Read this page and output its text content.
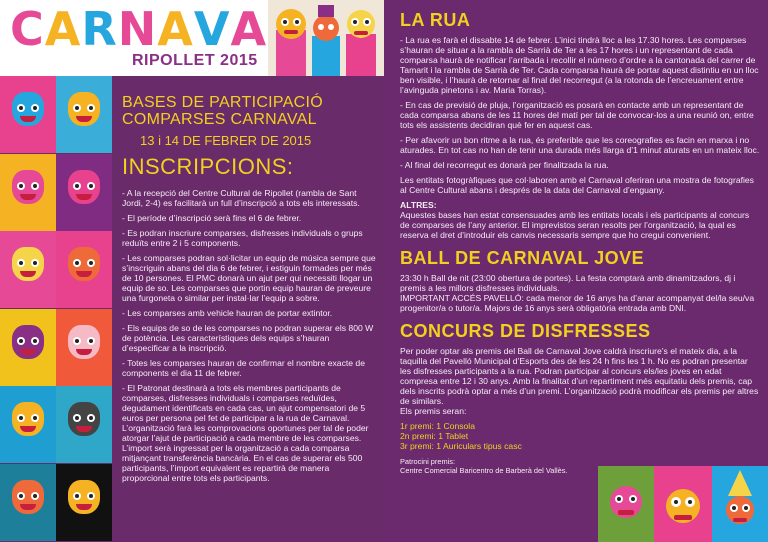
CARNAVA
RIPOLLET 2015
BASES DE PARTICIPACIÓ
COMPARSES CARNAVAL
13 i 14 DE FEBRER DE 2015
INSCRIPCIONS:

- A la recepció del Centre Cultural de Ripollet (rambla de Sant Jordi, 2-4) es facilitarà un full d’inscripció a tots els interessats.

- El període d’inscripció serà fins el 6 de febrer.

- Es podran inscriure comparses, disfresses individuals o grups reduïts entre 2 i 5 components.

- Les comparses podran sol·licitar un equip de música sempre que s’inscriguin abans del dia 6 de febrer, i estiguin formades per més de 10 persones. El PMC donarà un ajut per qui necessiti llogar un equip de so. Les comparses que portin equip hauran de preveure una furgoneta o similar per instal·lar l’equip a sobre.

- Les comparses amb vehicle hauran de portar extintor.

- Els equips de so de les comparses no podran superar els 800 W de potència. Les característiques dels equips s’hauran d’especificar a la inscripció.

- Totes les comparses hauran de confirmar el nombre exacte de components el dia 11 de febrer.

- El Patronat destinarà a tots els membres participants de comparses, disfresses individuals i comparses reduïdes, degudament identificats en cada cas, un ajut compensatori de 5 euros per persona pel fet de participar a la rua de Carnaval. L’organització farà les comprovacions oportunes per tal de poder atorgar l’ajut de participació a cada membre de les comparses. L’import serà ingressat per la organització a cada comparsa mitjançant transferència bancària. En el cas de superar els 500 participants, l’import equivalent es repartirà de manera proporcional entre tots els participants.

LA RUA

- La rua es farà el dissabte 14 de febrer. L’inici tindrà lloc a les 17.30 hores. Les comparses s’hauran de situar a la rambla de Sarrià de Ter a les 17 hores i un representant de cada comparsa haurà de notificar l’arribada i recollir el número d’ordre a la cantonada del carrer de Tamarit i la rambla de Sarrià de Ter. Cada comparsa haurà de portar aquest distintiu en un lloc ben visible, i l’haurà de retornar al final del recorregut (a la rotonda de l’encreuament entre l’avinguda pinetons i av. Maria Torras).

- En cas de previsió de pluja, l’organització es posarà en contacte amb un representant de cada comparsa abans de les 11 hores del matí per tal de convocar-los a una reunió on, entre tots els assistents decidiran què fer en aquest cas.

- Per afavorir un bon ritme a la rua, és preferible que les coreografies es facin en marxa i no aturades. En tot cas no han de tenir una durada més llarga d’1 minut aturats en un mateix lloc.

- Al final del recorregut es donarà per finalitzada la rua.

Les entitats fotogràfiques que col·laboren amb el Carnaval oferiran una mostra de fotografies al Centre Cultural abans i després de la data del Carnaval d’enguany.

ALTRES:

Aquestes bases han estat consensuades amb les entitats locals i els participants al concurs de comparses de l’any anterior. El imprevistos seran resolts per l’organització, la qual es reserva el dret d’introduir els canvis necessaris sempre que ho cregui convenient.

BALL DE CARNAVAL JOVE

23:30 h Ball de nit (23:00 obertura de portes). La festa comptarà amb dinamitzadors, dj i premis a les millors disfresses individuals.

IMPORTANT ACCÉS PAVELLÓ: cada menor de 16 anys ha d’anar acompanyat del/la seu/va progenitor/a o tutor/a. Majors de 16 anys serà obligatòria entrada amb DNI.

CONCURS DE DISFRESSES

Per poder optar als premis del Ball de Carnaval Jove caldrà inscriure’s el mateix dia, a la taquilla del Pavelló Municipal d’Esports des de les 24 h fins les 1 h. No es podran presentar les disfresses participants a la rua. Podran participar al concurs els/les joves en edat compresa entre 12 i 30 anys. Amb la finalitat d’un repartiment més equitatiu dels premis, cap dels inscrits podrà optar a més d’un premi. L’organització podrà modificar els premis per altres de similars.

Els premis seran:

1r premi: 1 Consola

2n premi: 1 Tablet

3r premi: 1 Auriculars tipus casc

Patrocini premis:

Centre Comercial Baricentro de Barberà del Vallès.
